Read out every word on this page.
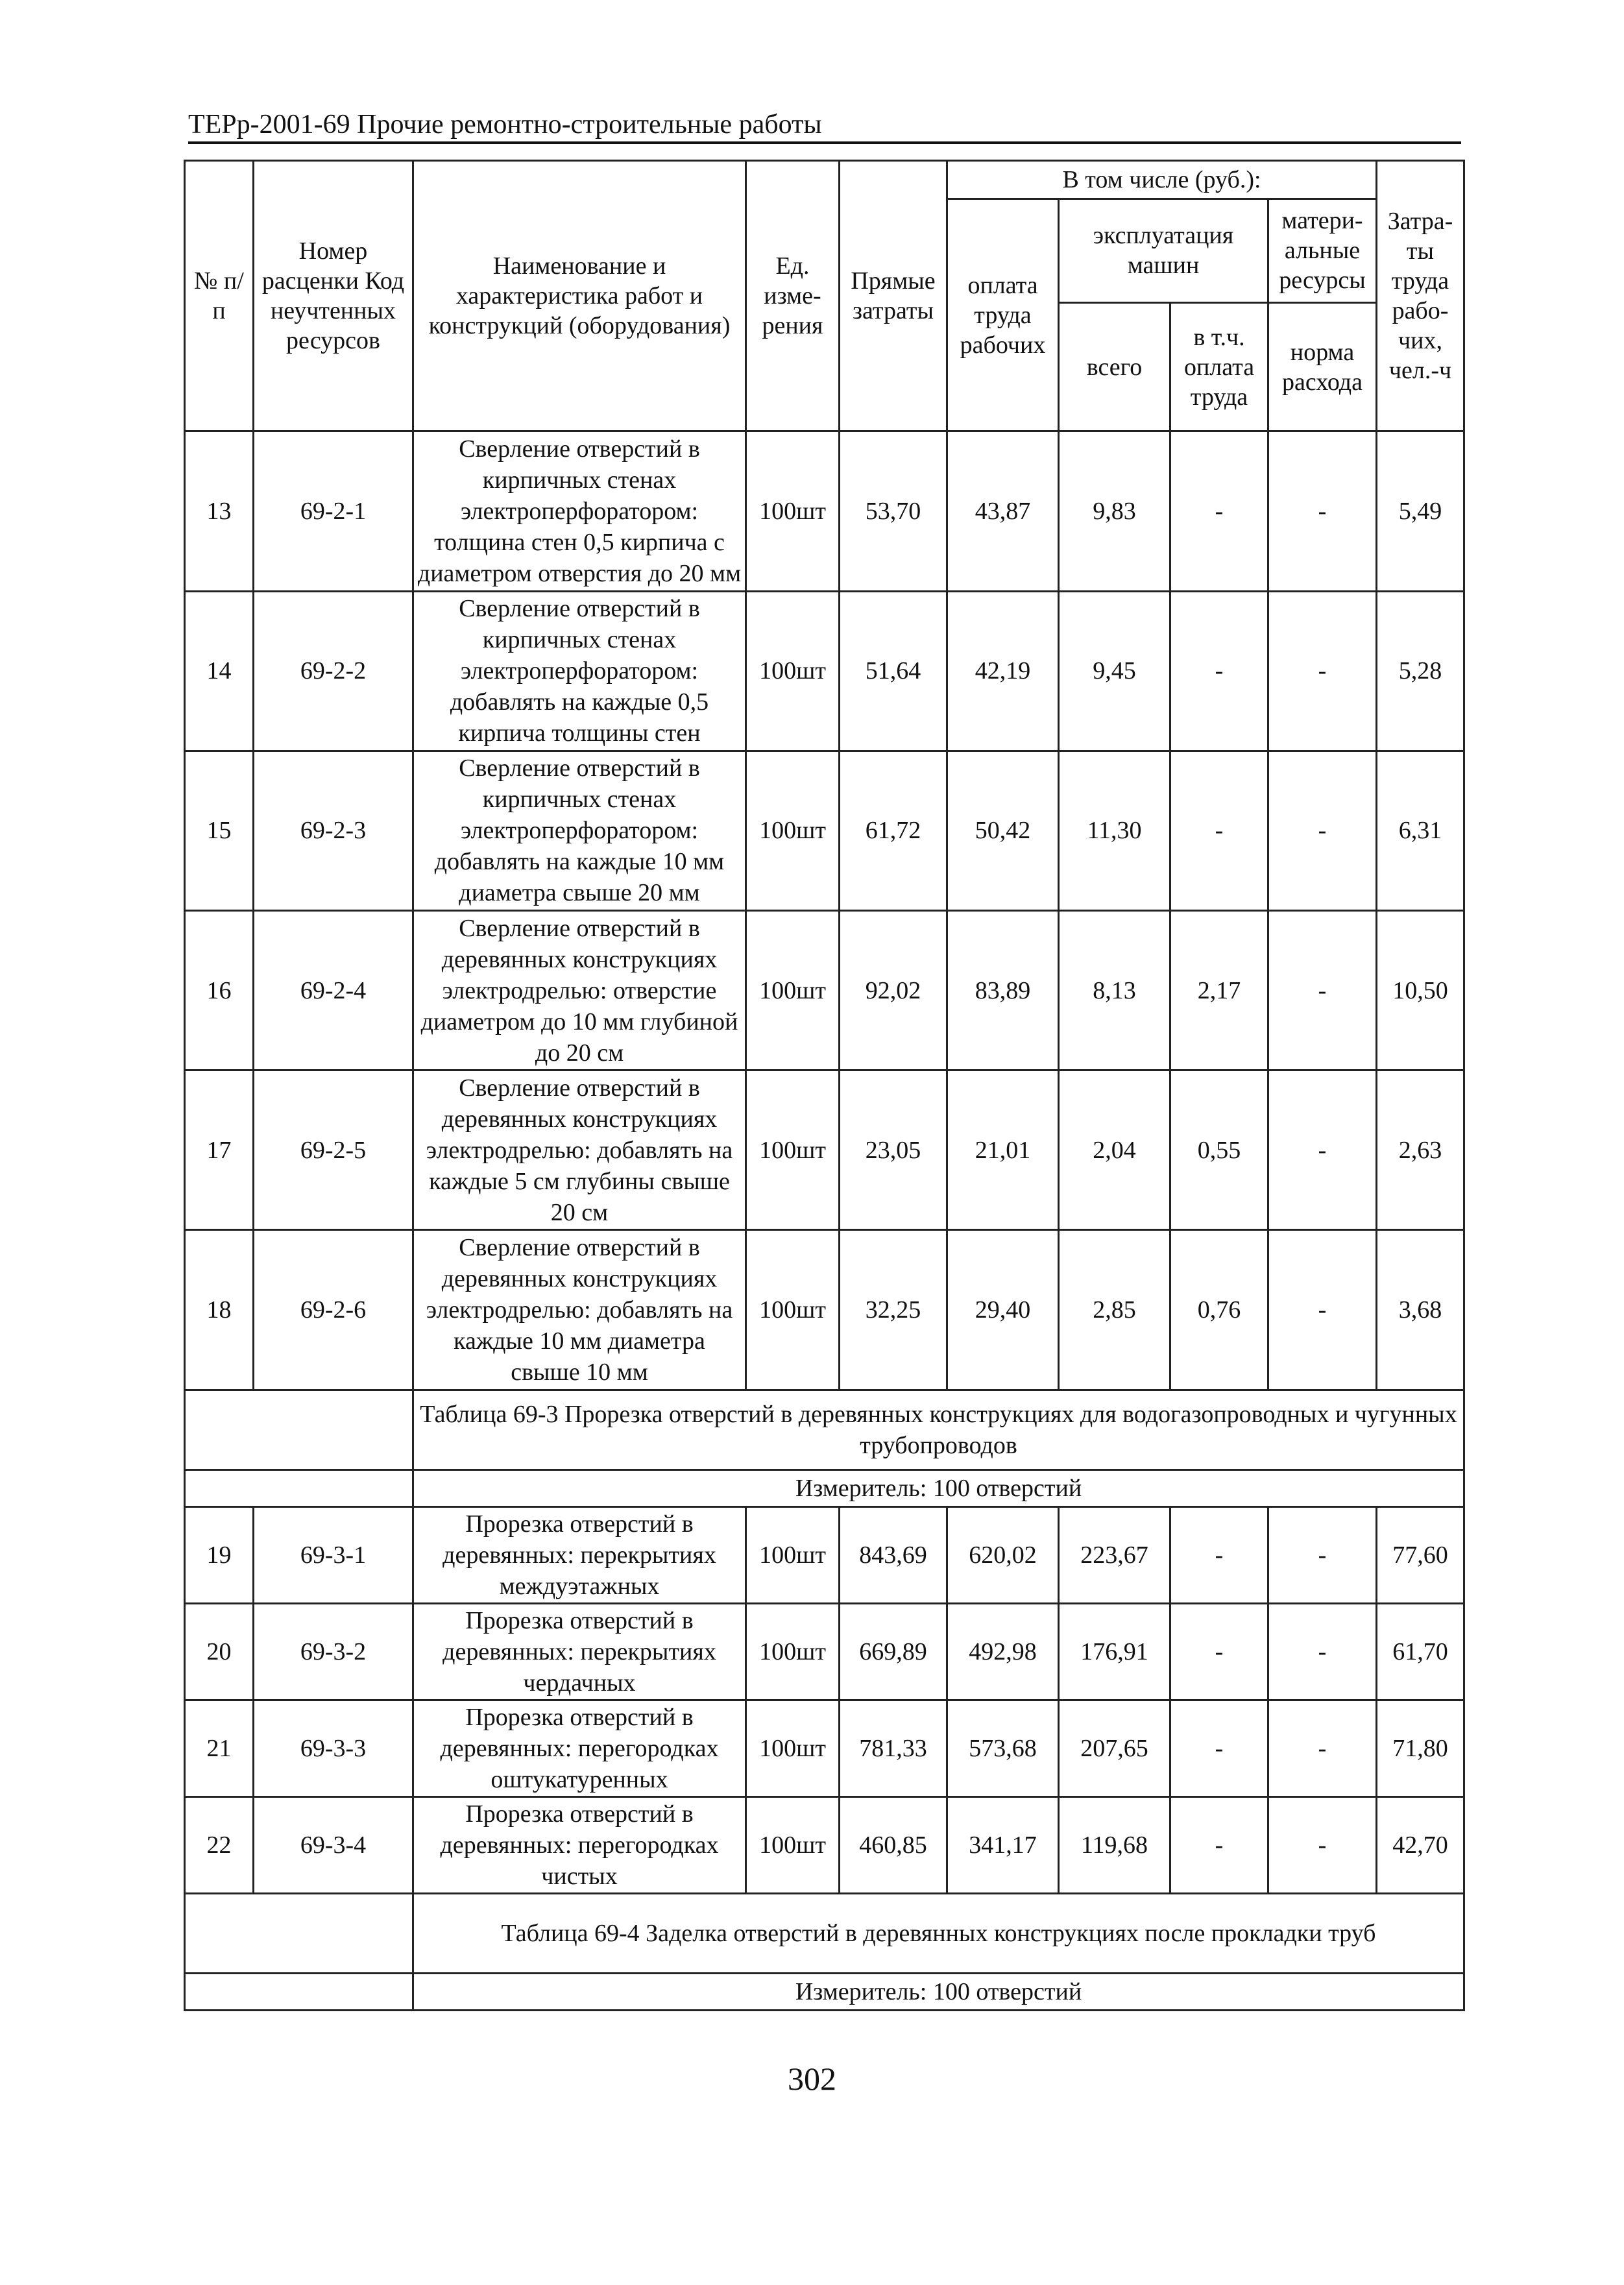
ТЕРр-2001-69 Прочие ремонтно-строительные работы
№ п/п	Номер расценки Код неучтенных ресурсов	Наименование и характеристика работ и конструкций (оборудования)	Ед. изме-рения	Прямые затраты	В том числе (руб.):				Затра-ты труда рабо-чих, чел.-ч
					оплата труда рабочих	эксплуатация машин		матери-альные ресурсы	
						всего	в т.ч. оплата труда	норма расхода	

13	69-2-1	Сверление отверстий в кирпичных стенах электроперфоратором: толщина стен 0,5 кирпича с диаметром отверстия до 20 мм	100шт	53,70	43,87	9,83	-	-	5,49
14	69-2-2	Сверление отверстий в кирпичных стенах электроперфоратором: добавлять на каждые 0,5 кирпича толщины стен	100шт	51,64	42,19	9,45	-	-	5,28
15	69-2-3	Сверление отверстий в кирпичных стенах электроперфоратором: добавлять на каждые 10 мм диаметра свыше 20 мм	100шт	61,72	50,42	11,30	-	-	6,31
16	69-2-4	Сверление отверстий в деревянных конструкциях электродрелью: отверстие диаметром до 10 мм глубиной до 20 см	100шт	92,02	83,89	8,13	2,17	-	10,50
17	69-2-5	Сверление отверстий в деревянных конструкциях электродрелью: добавлять на каждые 5 см глубины свыше 20 см	100шт	23,05	21,01	2,04	0,55	-	2,63
18	69-2-6	Сверление отверстий в деревянных конструкциях электродрелью: добавлять на каждые 10 мм диаметра свыше 10 мм	100шт	32,25	29,40	2,85	0,76	-	3,68
		Таблица 69-3 Прорезка отверстий в деревянных конструкциях для водогазопроводных и чугунных трубопроводов							
		Измеритель: 100 отверстий							
19	69-3-1	Прорезка отверстий в деревянных: перекрытиях междуэтажных	100шт	843,69	620,02	223,67	-	-	77,60
20	69-3-2	Прорезка отверстий в деревянных: перекрытиях чердачных	100шт	669,89	492,98	176,91	-	-	61,70
21	69-3-3	Прорезка отверстий в деревянных: перегородках оштукатуренных	100шт	781,33	573,68	207,65	-	-	71,80
22	69-3-4	Прорезка отверстий в деревянных: перегородках чистых	100шт	460,85	341,17	119,68	-	-	42,70
		Таблица 69-4 Заделка отверстий в деревянных конструкциях после прокладки труб							
		Измеритель: 100 отверстий							
302
